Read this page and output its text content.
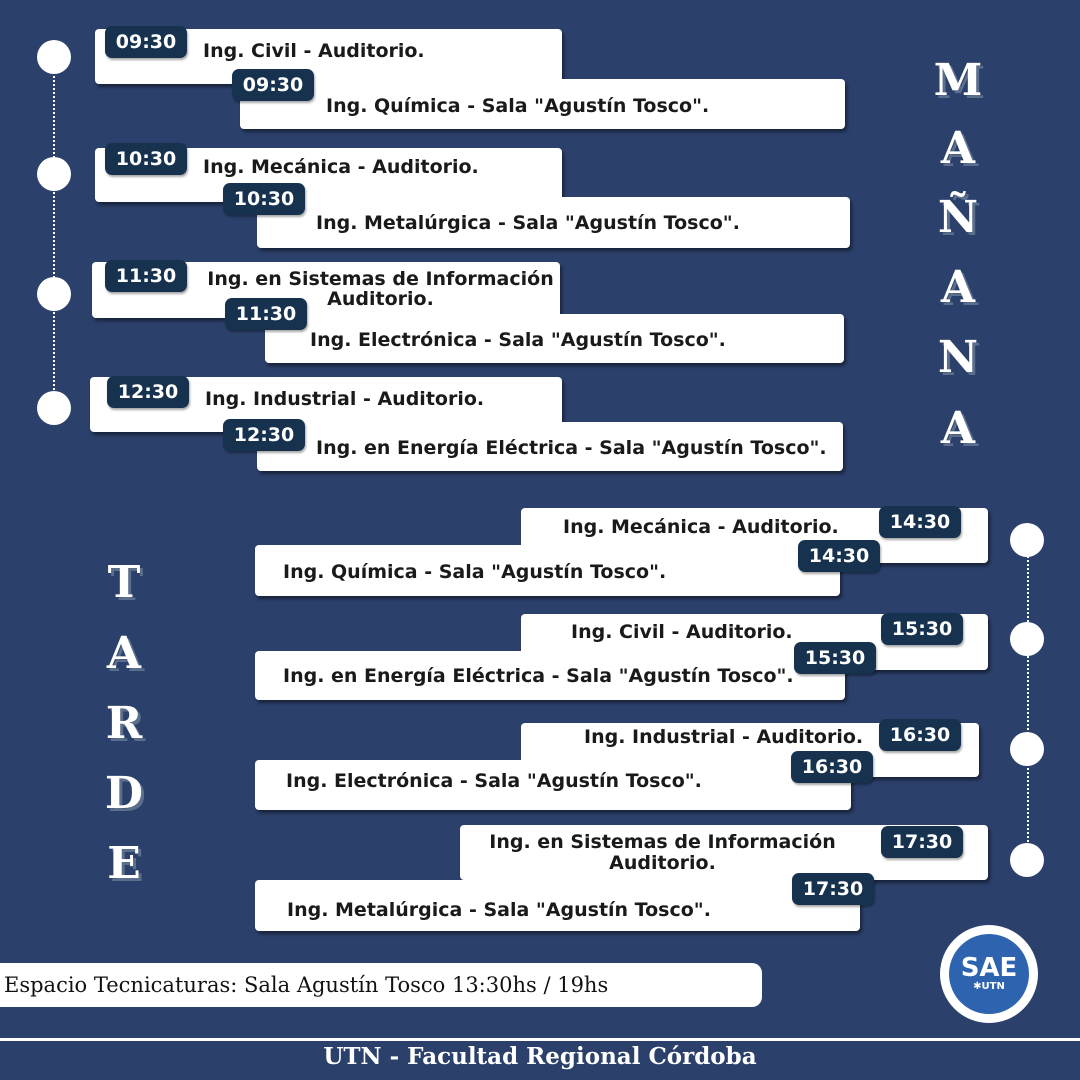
Ing. Civil - Auditorio.
09:30
Ing. Química - Sala "Agustín Tosco".
09:30
Ing. Mecánica - Auditorio.
10:30
Ing. Metalúrgica - Sala "Agustín Tosco".
10:30
Ing. en Sistemas de Información
Auditorio.
11:30
Ing. Electrónica - Sala "Agustín Tosco".
11:30
Ing. Industrial - Auditorio.
12:30
Ing. en Energía Eléctrica - Sala "Agustín Tosco".
12:30
M
A
Ñ
A
N
A
Ing. Mecánica - Auditorio.	14:30
Ing. Química - Sala "Agustín Tosco".
14:30
Ing. Civil - Auditorio.	15:30
Ing. en Energía Eléctrica - Sala "Agustín Tosco".
15:30
Ing. Industrial - Auditorio.	16:30
Ing. Electrónica - Sala "Agustín Tosco".
16:30
Ing. en Sistemas de Información
Auditorio.
17:30
Ing. Metalúrgica - Sala "Agustín Tosco".
17:30
T
A
R
D
E
Espacio Tecnicaturas: Sala Agustín Tosco 13:30hs / 19hs
SAE
✱UTN
UTN - Facultad Regional Córdoba
